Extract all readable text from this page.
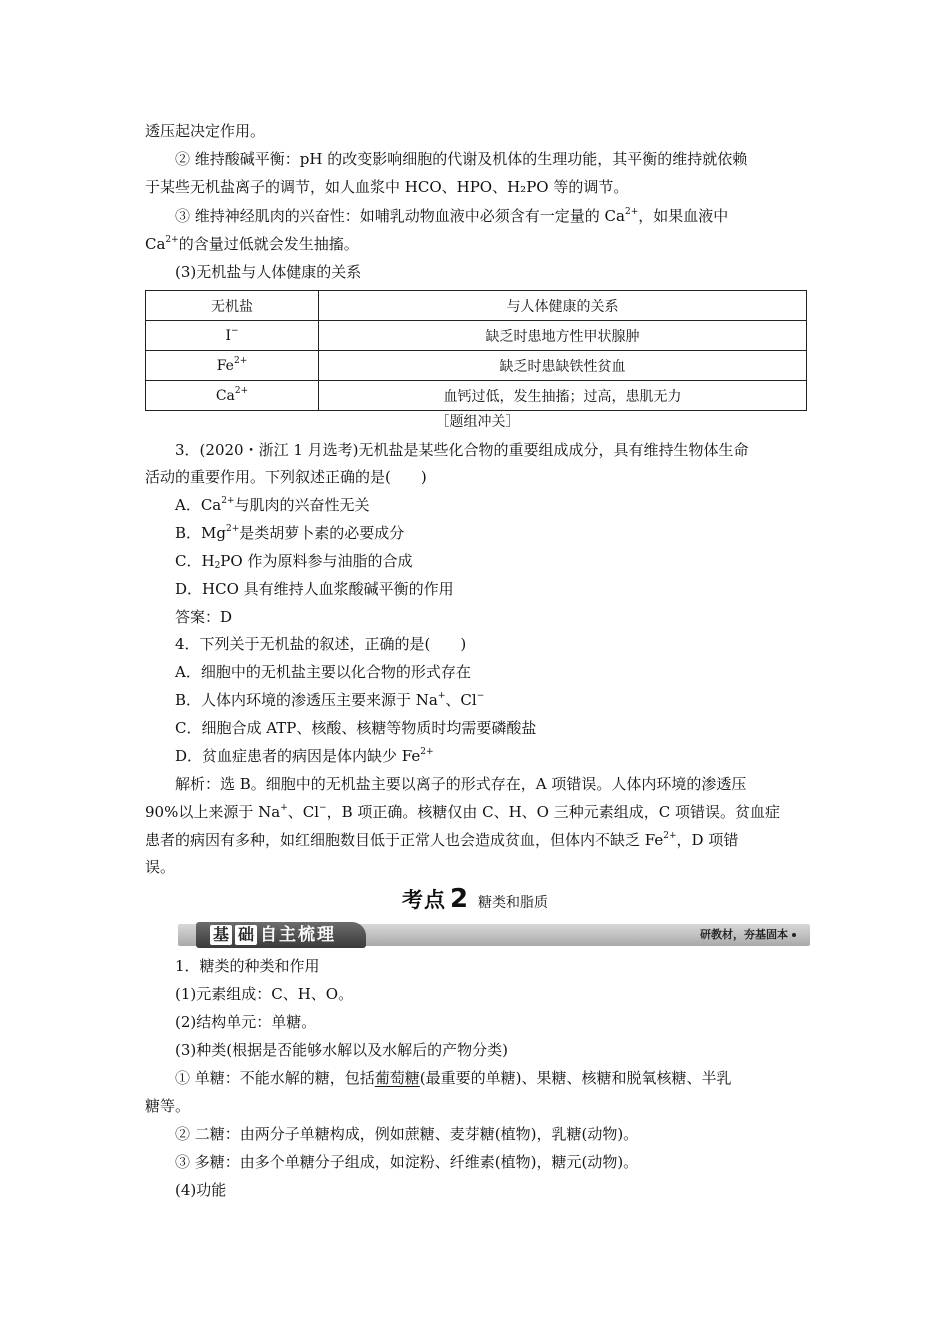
透压起决定作用。
② 维持酸碱平衡：pH 的改变影响细胞的代谢及机体的生理功能，其平衡的维持就依赖
于某些无机盐离子的调节，如人血浆中 HCO、HPO、H₂PO 等的调节。
③ 维持神经肌肉的兴奋性：如哺乳动物血液中必须含有一定量的 $Ca^{2+}$，如果血液中
$Ca^{2+}$的含量过低就会发生抽搐。
(3)无机盐与人体健康的关系
无机盐	与人体健康的关系
I−	缺乏时患地方性甲状腺肿
$Fe^{2+}$	缺乏时患缺铁性贫血
$Ca^{2+}$	血钙过低，发生抽搐；过高，患肌无力
［题组冲关］
3．(2020・浙江 1 月选考)无机盐是某些化合物的重要组成成分，具有维持生物体生命
活动的重要作用。下列叙述正确的是(　　)
A．$Ca^{2+}$与肌肉的兴奋性无关
B．$Mg^{2+}$是类胡萝卜素的必要成分
C．$H_2PO$ 作为原料参与油脂的合成
D．HCO 具有维持人血浆酸碱平衡的作用
答案：D
4．下列关于无机盐的叙述，正确的是(　　)
A．细胞中的无机盐主要以化合物的形式存在
B．人体内环境的渗透压主要来源于 Na+、Cl−
C．细胞合成 ATP、核酸、核糖等物质时均需要磷酸盐
D．贫血症患者的病因是体内缺少 $Fe^{2+}$
解析：选 B。细胞中的无机盐主要以离子的形式存在，A 项错误。人体内环境的渗透压
90%以上来源于 Na+、Cl−，B 项正确。核糖仅由 C、H、O 三种元素组成，C 项错误。贫血症
患者的病因有多种，如红细胞数目低于正常人也会造成贫血，但体内不缺乏 $Fe^{2+}$，D 项错
误。
考点 2 糖类和脂质
基 础 自主梳理	研教材，夯基固本
1．糖类的种类和作用
(1)元素组成：C、H、O。
(2)结构单元：单糖。
(3)种类(根据是否能够水解以及水解后的产物分类)
① 单糖：不能水解的糖，包括葡萄糖(最重要的单糖)、果糖、核糖和脱氧核糖、半乳
糖等。
② 二糖：由两分子单糖构成，例如蔗糖、麦芽糖(植物)，乳糖(动物)。
③ 多糖：由多个单糖分子组成，如淀粉、纤维素(植物)，糖元(动物)。
(4)功能
